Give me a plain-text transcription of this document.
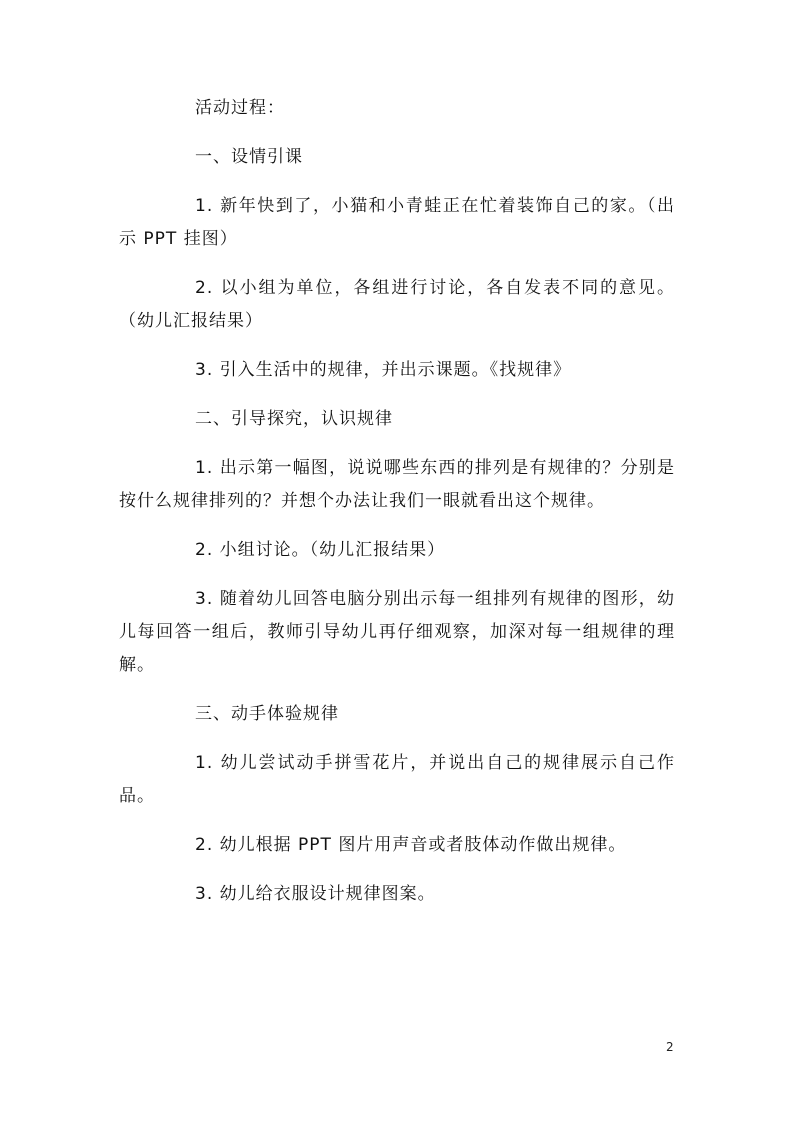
活动过程：

一、设情引课

1. 新年快到了，小猫和小青蛙正在忙着装饰自己的家。（出示 PPT 挂图）

2. 以小组为单位，各组进行讨论，各自发表不同的意见。（幼儿汇报结果）

3. 引入生活中的规律，并出示课题。《找规律》

二、引导探究，认识规律

1. 出示第一幅图，说说哪些东西的排列是有规律的？分别是按什么规律排列的？并想个办法让我们一眼就看出这个规律。

2. 小组讨论。（幼儿汇报结果）

3. 随着幼儿回答电脑分别出示每一组排列有规律的图形，幼儿每回答一组后，教师引导幼儿再仔细观察，加深对每一组规律的理解。

三、动手体验规律

1. 幼儿尝试动手拼雪花片，并说出自己的规律展示自己作品。

2. 幼儿根据 PPT 图片用声音或者肢体动作做出规律。

3. 幼儿给衣服设计规律图案。

2
